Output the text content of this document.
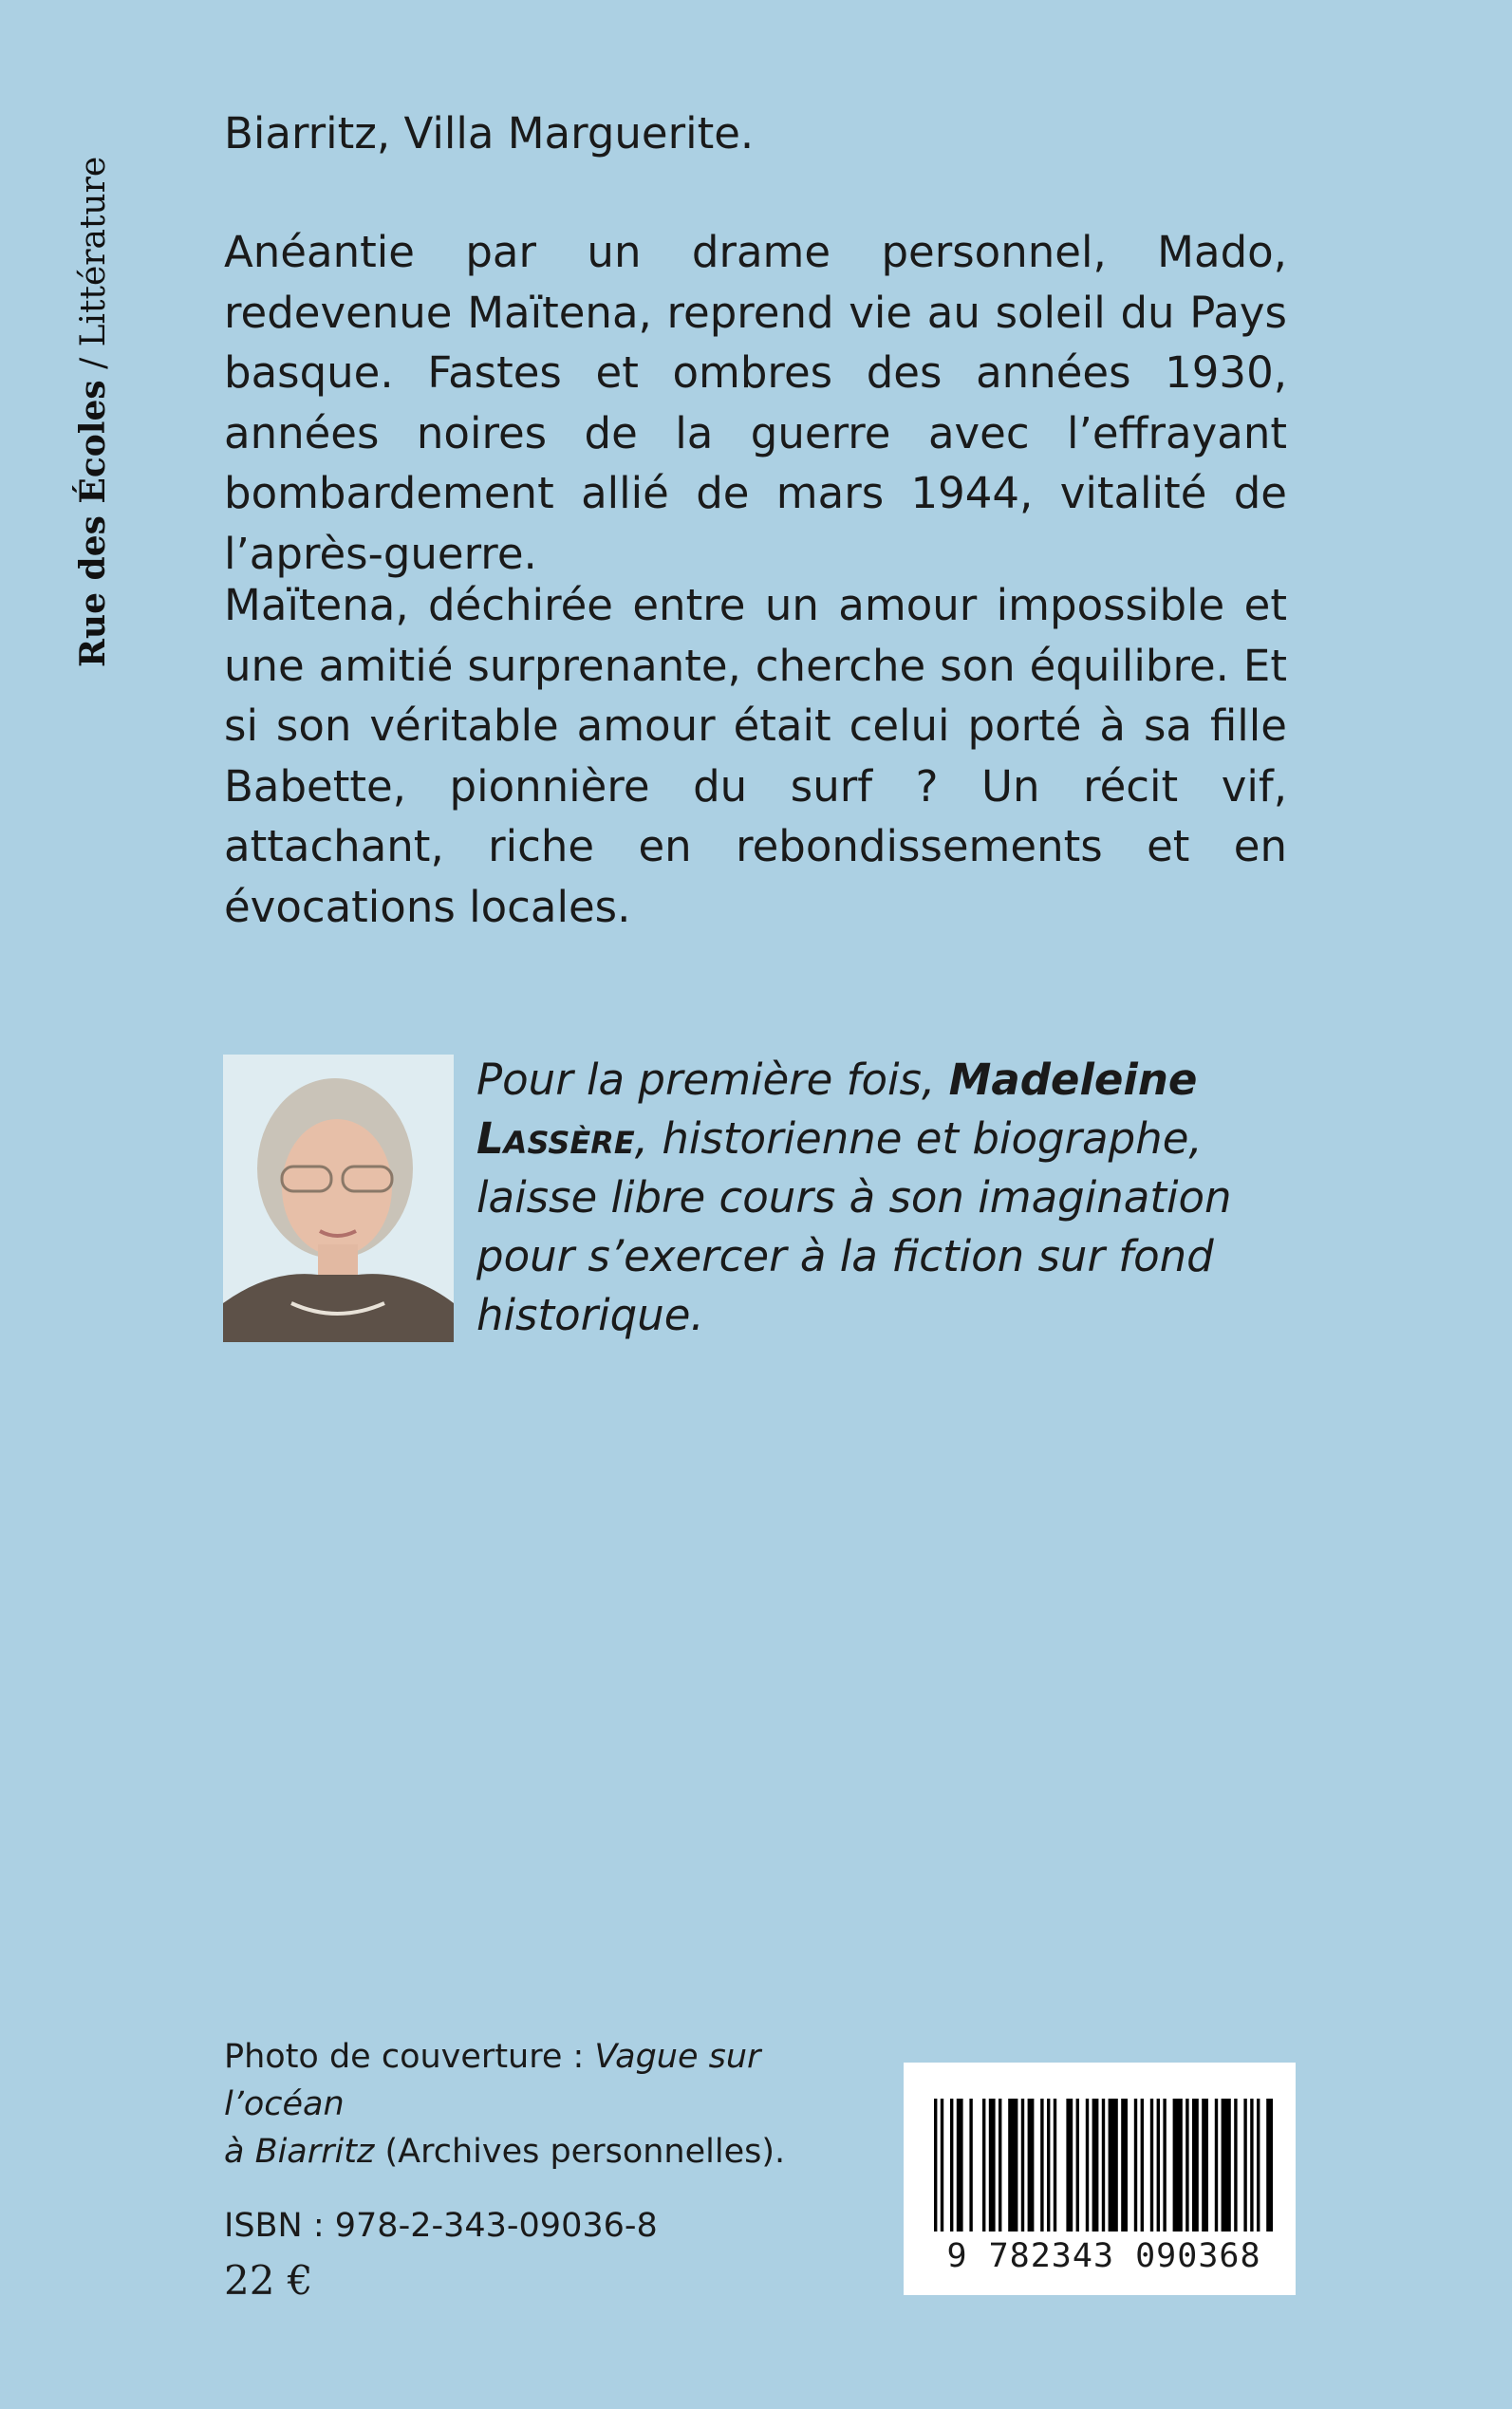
Rue des Écoles / Littérature

Biarritz, Villa Marguerite.

Anéantie par un drame personnel, Mado, redevenue Maïtena, reprend vie au soleil du Pays basque. Fastes et ombres des années 1930, années noires de la guerre avec l’effrayant bombardement allié de mars 1944, vitalité de l’après-guerre.

Maïtena, déchirée entre un amour impossible et une amitié surprenante, cherche son équilibre. Et si son véritable amour était celui porté à sa fille Babette, pionnière du surf ? Un récit vif, attachant, riche en rebondissements et en évocations locales.

Pour la première fois, Madeleine Lassère, historienne et biographe, laisse libre cours à son imagination pour s’exercer à la fiction sur fond historique.

Photo de couverture : Vague sur l’océan
à Biarritz (Archives personnelles).

ISBN : 978-2-343-09036-8

22 €

9 782343 090368
